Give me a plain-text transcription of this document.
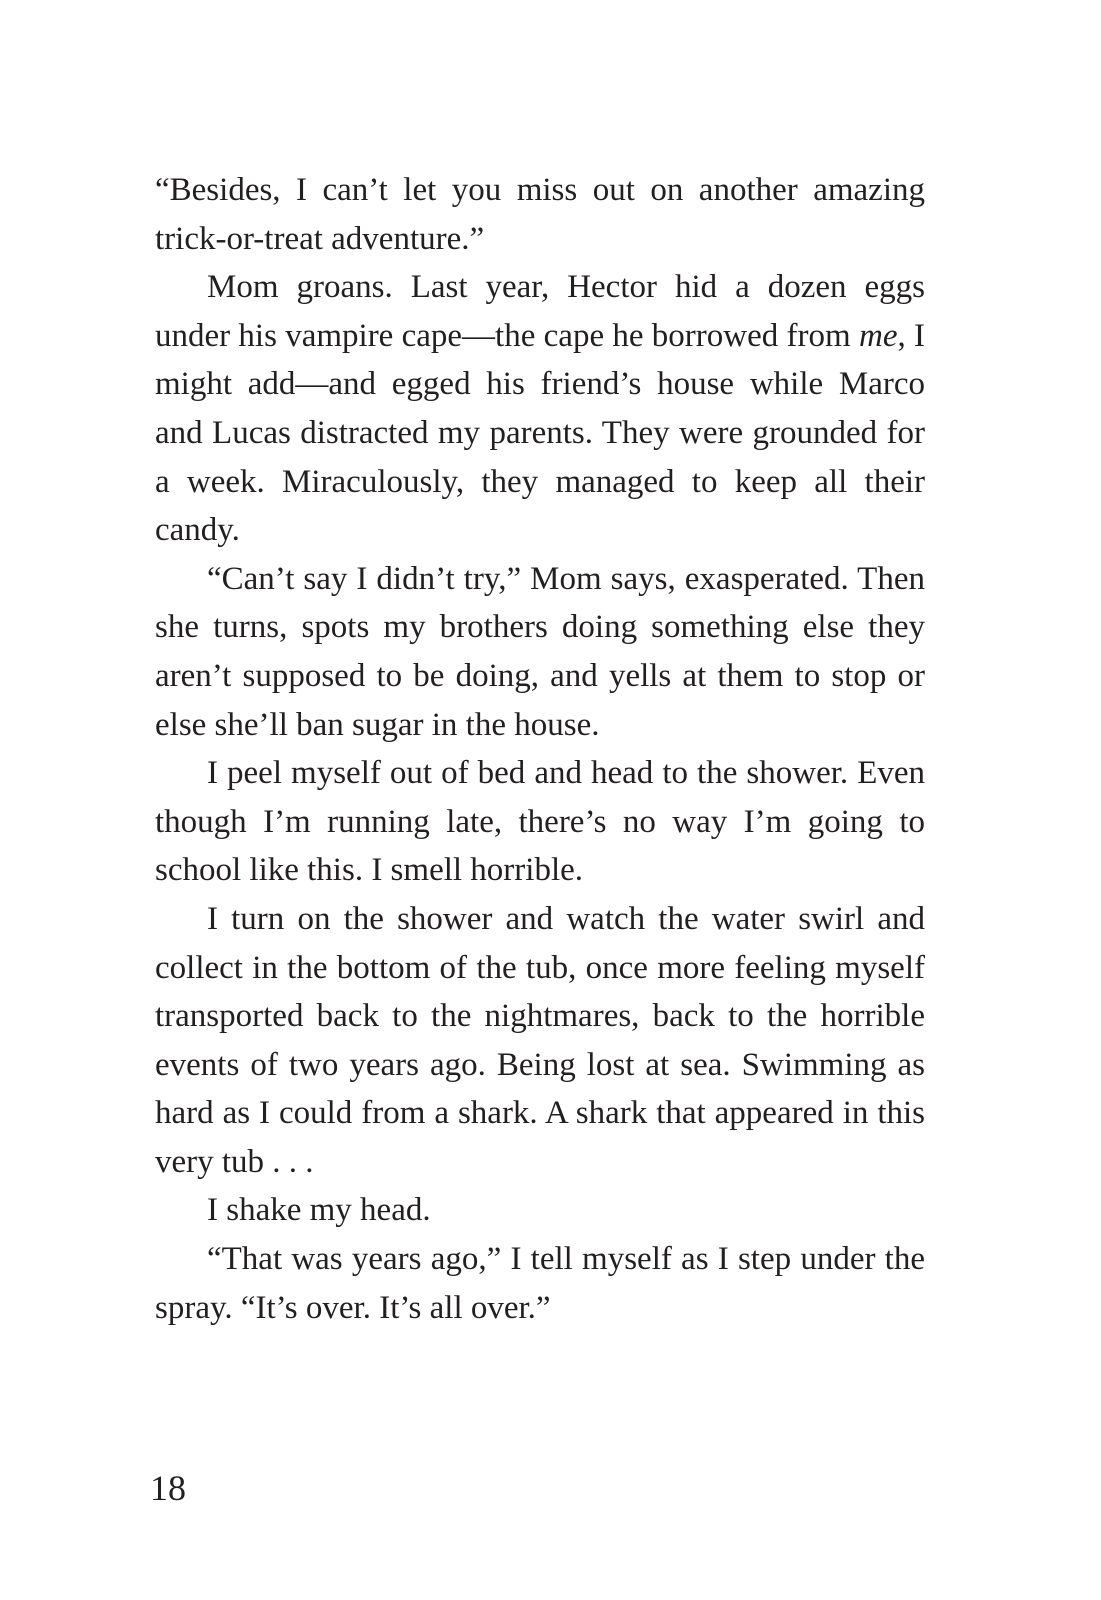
“Besides, I can’t let you miss out on another amazing trick-or-treat adventure.”

Mom groans. Last year, Hector hid a dozen eggs under his vampire cape—the cape he borrowed from me, I might add—and egged his friend’s house while Marco and Lucas distracted my parents. They were grounded for a week. Miraculously, they managed to keep all their candy.

“Can’t say I didn’t try,” Mom says, exasperated. Then she turns, spots my brothers doing something else they aren’t supposed to be doing, and yells at them to stop or else she’ll ban sugar in the house.

I peel myself out of bed and head to the shower. Even though I’m running late, there’s no way I’m going to school like this. I smell horrible.

I turn on the shower and watch the water swirl and collect in the bottom of the tub, once more feeling myself transported back to the nightmares, back to the horrible events of two years ago. Being lost at sea. Swimming as hard as I could from a shark. A shark that appeared in this very tub . . .

I shake my head.

“That was years ago,” I tell myself as I step under the spray. “It’s over. It’s all over.”

18
